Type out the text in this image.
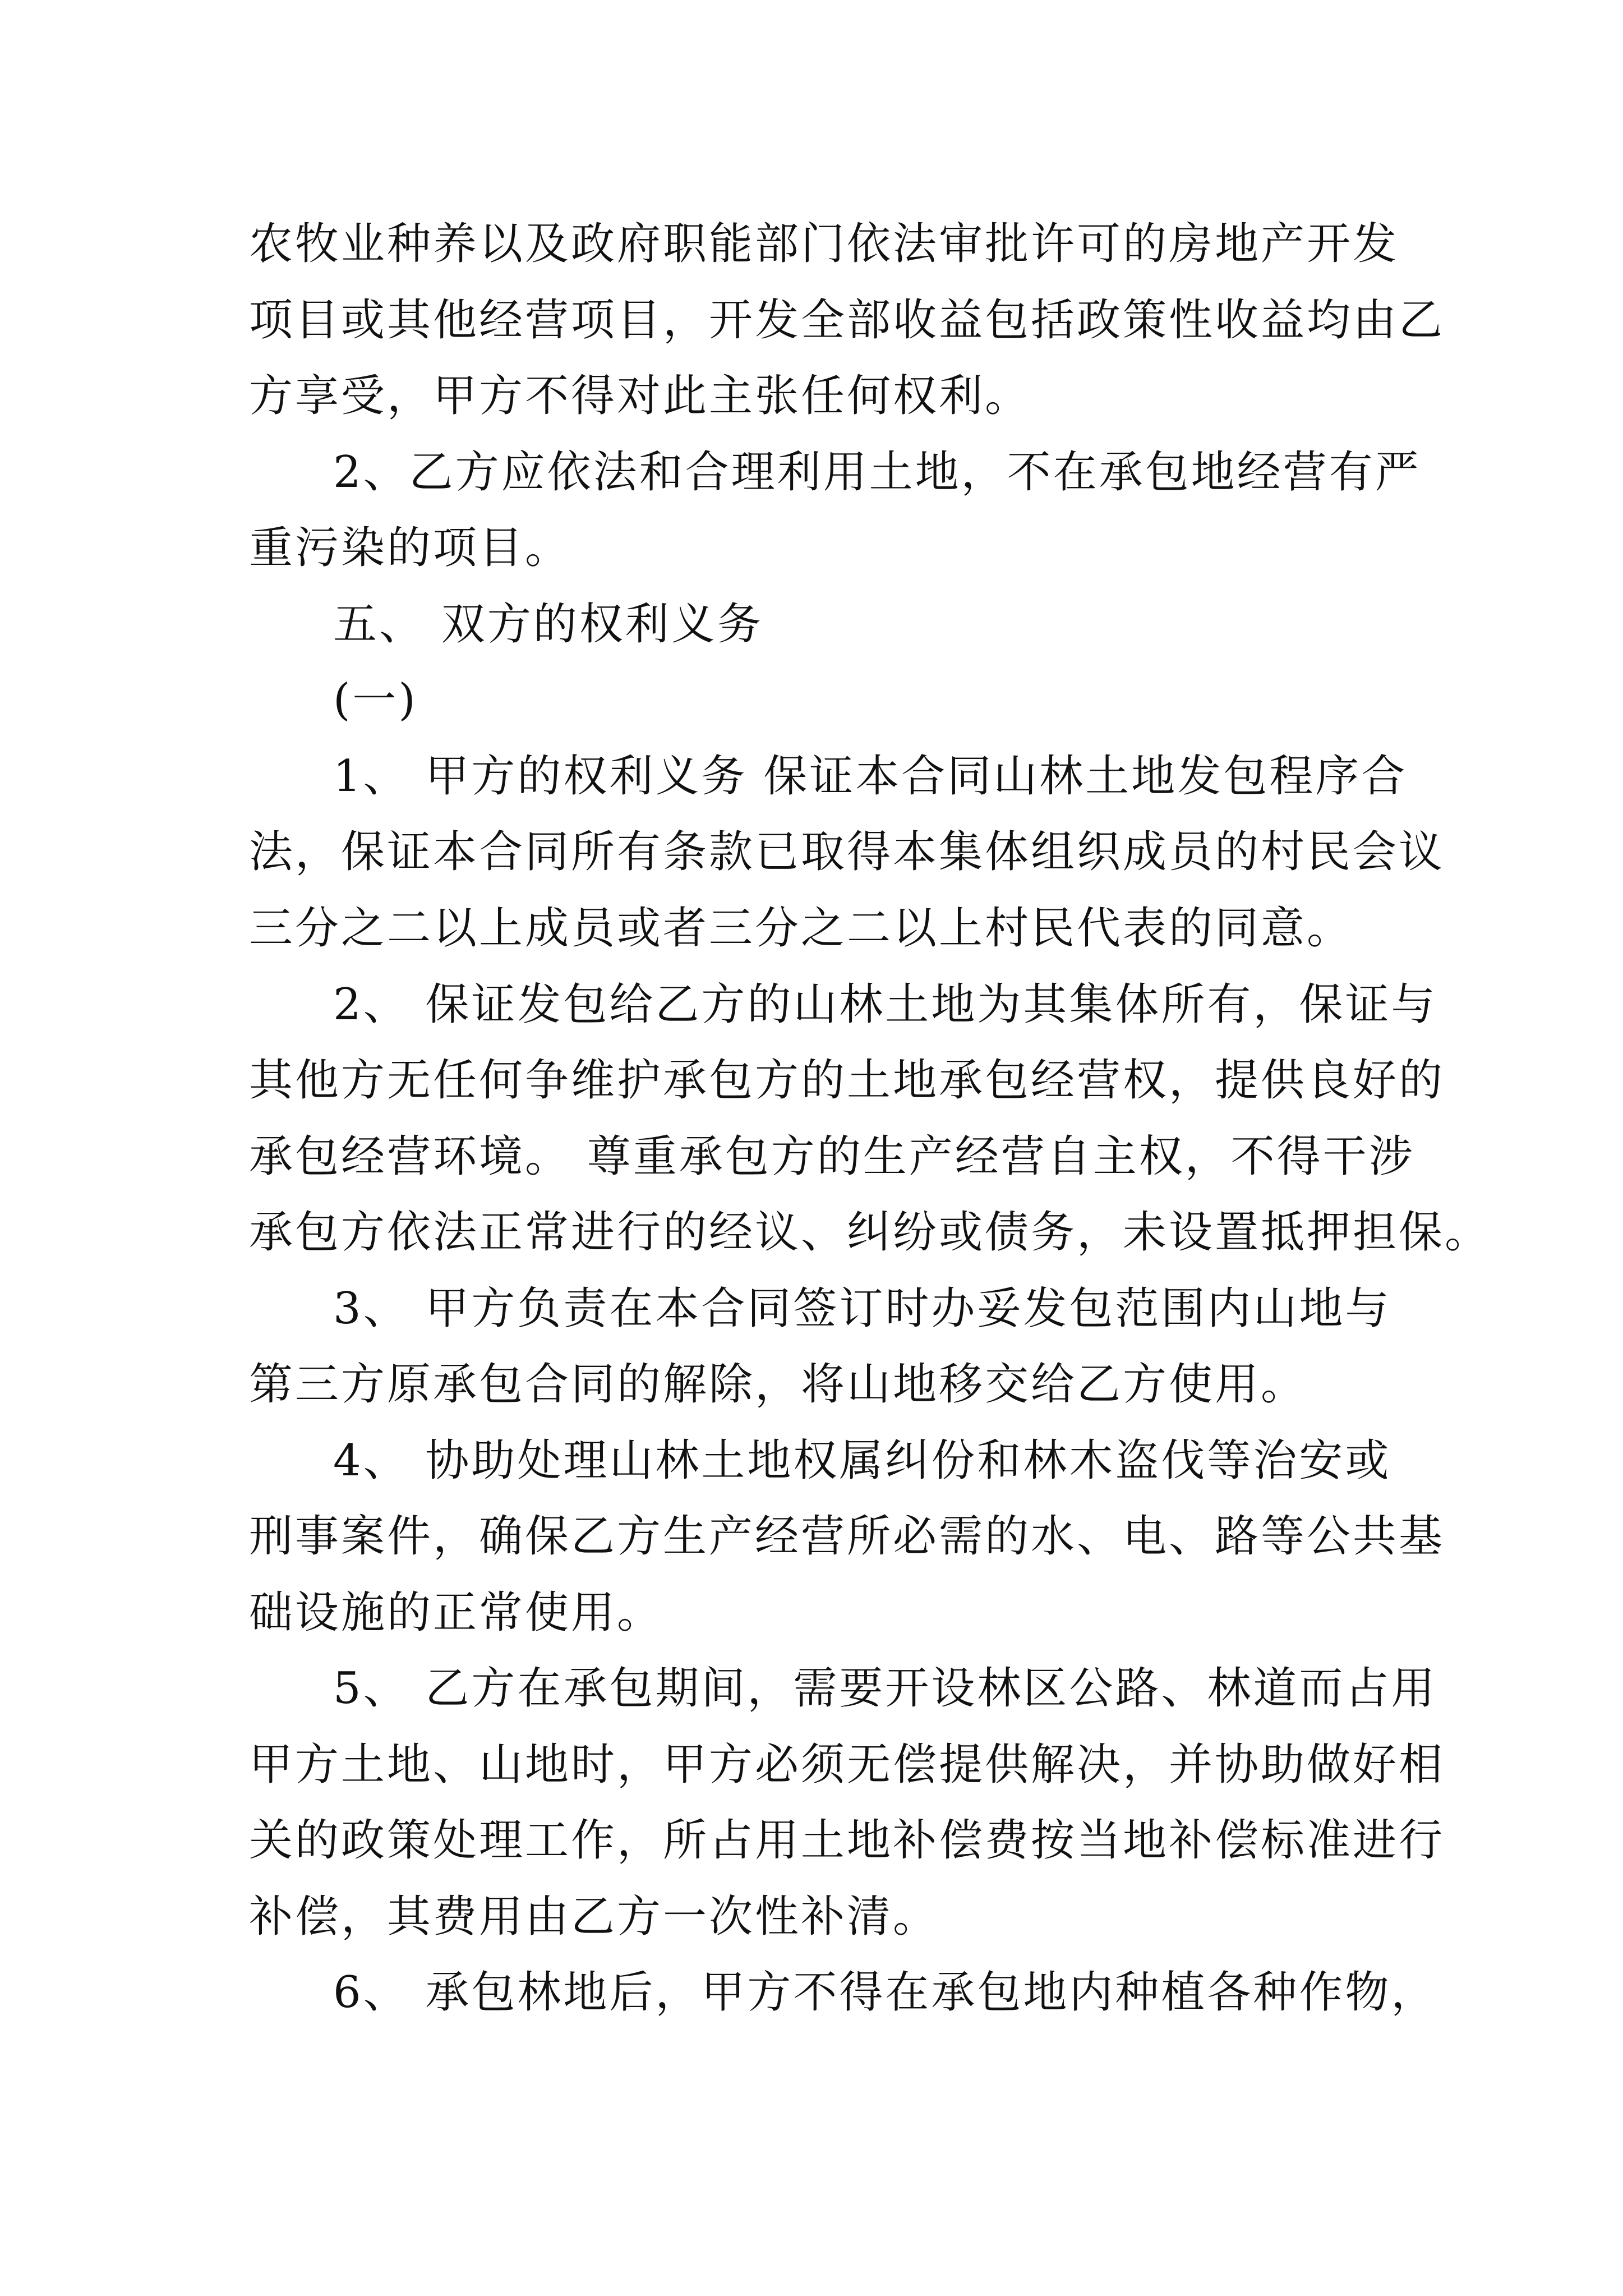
农牧业种养以及政府职能部门依法审批许可的房地产开发
项目或其他经营项目，开发全部收益包括政策性收益均由乙
方享受，甲方不得对此主张任何权利。
2、乙方应依法和合理利用土地，不在承包地经营有严
重污染的项目。
五、 双方的权利义务
(一)
1、 甲方的权利义务 保证本合同山林土地发包程序合
法，保证本合同所有条款已取得本集体组织成员的村民会议
三分之二以上成员或者三分之二以上村民代表的同意。
2、 保证发包给乙方的山林土地为其集体所有，保证与
其他方无任何争维护承包方的土地承包经营权，提供良好的
承包经营环境。 尊重承包方的生产经营自主权，不得干涉
承包方依法正常进行的经议、纠纷或债务，未设置抵押担保。
3、 甲方负责在本合同签订时办妥发包范围内山地与
第三方原承包合同的解除，将山地移交给乙方使用。
4、 协助处理山林土地权属纠份和林木盗伐等治安或
刑事案件，确保乙方生产经营所必需的水、电、路等公共基
础设施的正常使用。
5、 乙方在承包期间，需要开设林区公路、林道而占用
甲方土地、山地时，甲方必须无偿提供解决，并协助做好相
关的政策处理工作，所占用土地补偿费按当地补偿标准进行
补偿，其费用由乙方一次性补清。
6、 承包林地后，甲方不得在承包地内种植各种作物，
